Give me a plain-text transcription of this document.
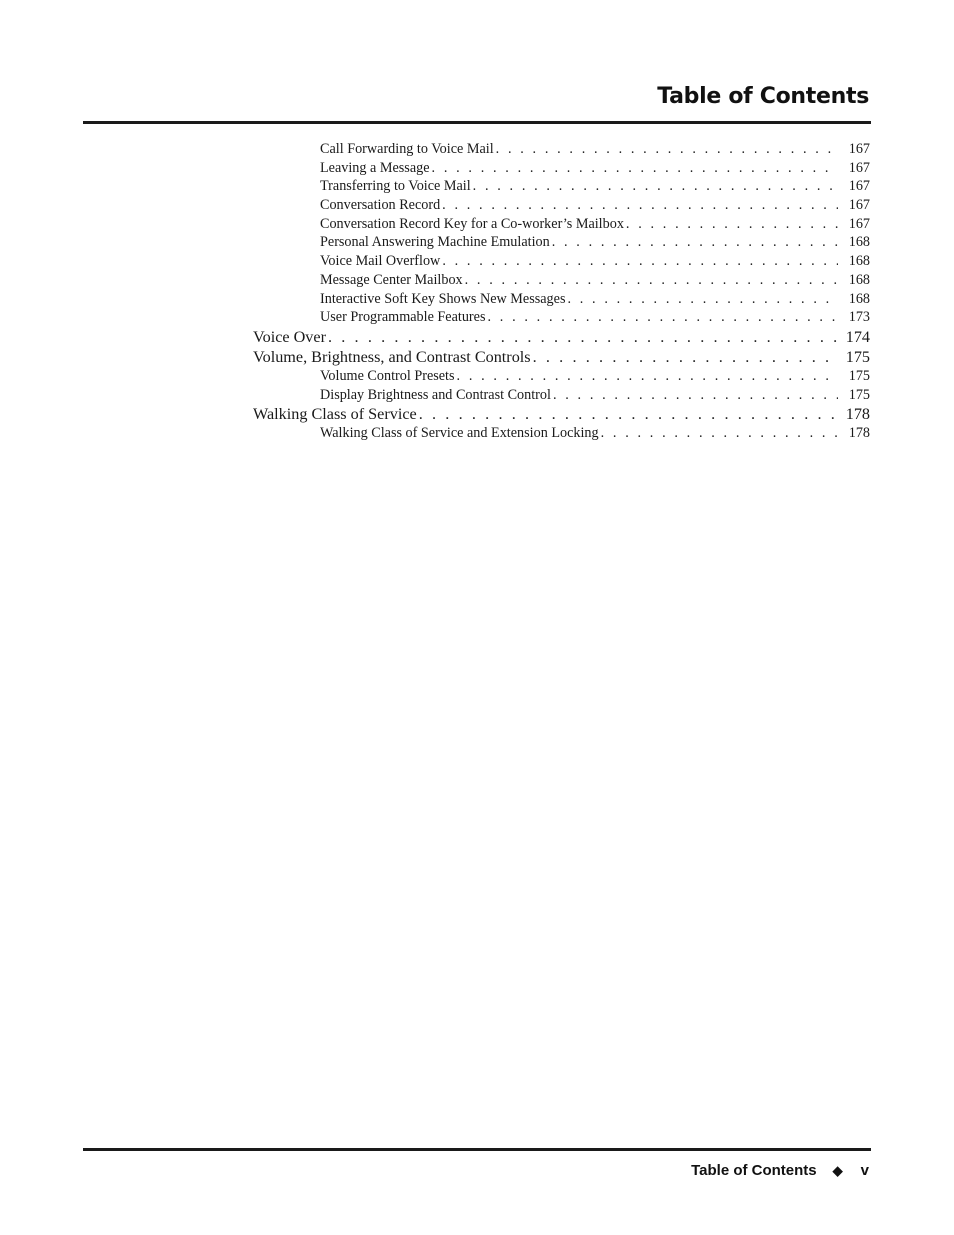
Table of Contents
Call Forwarding to Voice Mail . . .	167
Leaving a Message . . .	167
Transferring to Voice Mail . . .	167
Conversation Record . . .	167
Conversation Record Key for a Co-worker’s Mailbox . . .	167
Personal Answering Machine Emulation . . .	168
Voice Mail Overflow . . .	168
Message Center Mailbox . . .	168
Interactive Soft Key Shows New Messages . . .	168
User Programmable Features . . .	173
Voice Over . . .	174
Volume, Brightness, and Contrast Controls . . .	175
Volume Control Presets . . .	175
Display Brightness and Contrast Control . . .	175
Walking Class of Service . . .	178
Walking Class of Service and Extension Locking . . .	178
Table of Contents ◆ v
